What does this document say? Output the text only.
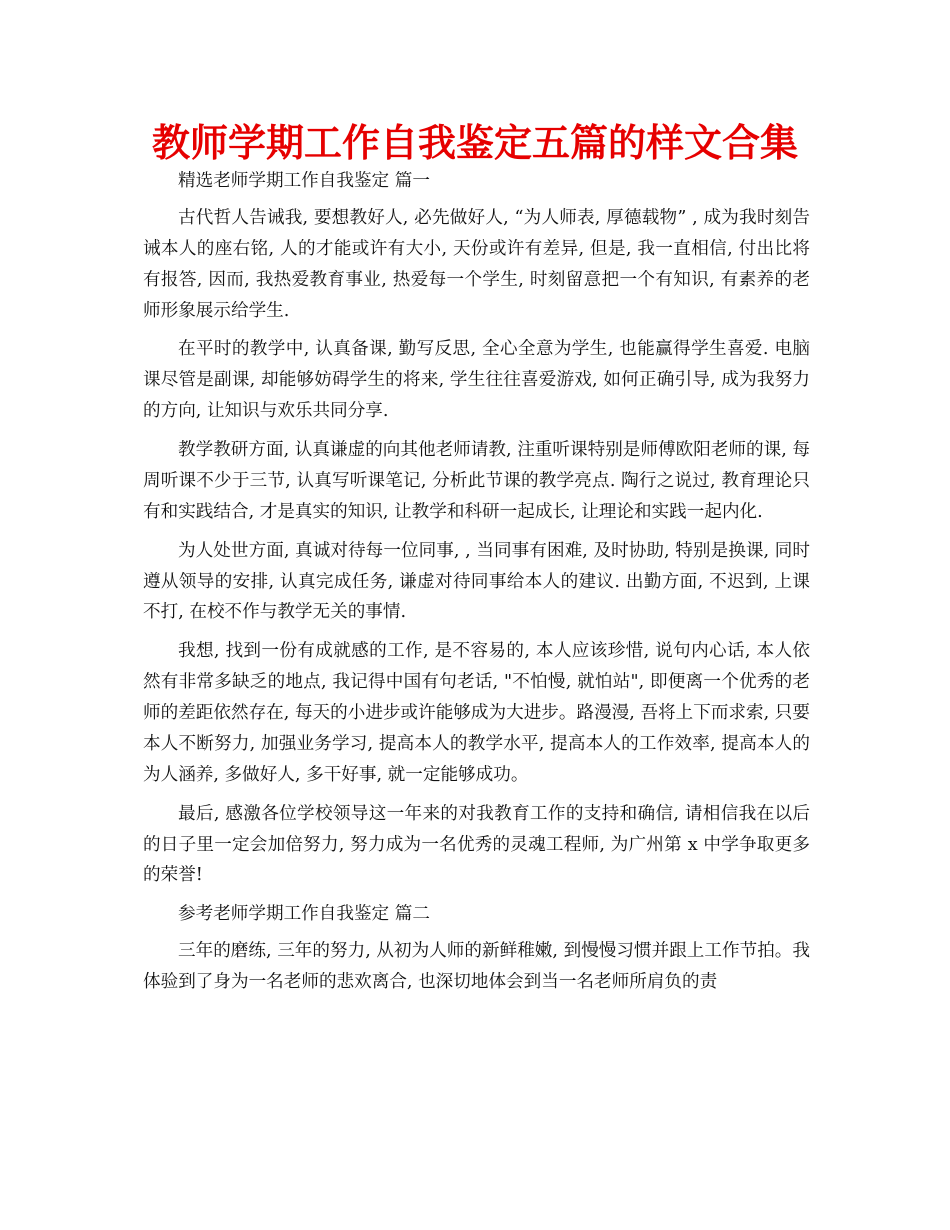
教师学期工作自我鉴定五篇的样文合集

精选老师学期工作自我鉴定 篇一

古代哲人告诫我, 要想教好人, 必先做好人, “为人师表, 厚德载物” , 成为我时刻告诫本人的座右铭, 人的才能或许有大小, 天份或许有差异, 但是, 我一直相信, 付出比将有报答, 因而, 我热爱教育事业, 热爱每一个学生, 时刻留意把一个有知识, 有素养的老师形象展示给学生.

在平时的教学中, 认真备课, 勤写反思, 全心全意为学生, 也能赢得学生喜爱. 电脑课尽管是副课, 却能够妨碍学生的将来, 学生往往喜爱游戏, 如何正确引导, 成为我努力的方向, 让知识与欢乐共同分享.

教学教研方面, 认真谦虚的向其他老师请教, 注重听课特别是师傅欧阳老师的课, 每周听课不少于三节, 认真写听课笔记, 分析此节课的教学亮点. 陶行之说过, 教育理论只有和实践结合, 才是真实的知识, 让教学和科研一起成长, 让理论和实践一起内化.

为人处世方面, 真诚对待每一位同事, , 当同事有困难, 及时协助, 特别是换课, 同时遵从领导的安排, 认真完成任务, 谦虚对待同事给本人的建议. 出勤方面, 不迟到, 上课不打, 在校不作与教学无关的事情.

我想, 找到一份有成就感的工作, 是不容易的, 本人应该珍惜, 说句内心话, 本人依然有非常多缺乏的地点, 我记得中国有句老话, "不怕慢, 就怕站", 即便离一个优秀的老师的差距依然存在, 每天的小进步或许能够成为大进步。路漫漫, 吾将上下而求索, 只要本人不断努力, 加强业务学习, 提高本人的教学水平, 提高本人的工作效率, 提高本人的为人涵养, 多做好人, 多干好事, 就一定能够成功。

最后, 感激各位学校领导这一年来的对我教育工作的支持和确信, 请相信我在以后的日子里一定会加倍努力, 努力成为一名优秀的灵魂工程师, 为广州第 x 中学争取更多的荣誉!

参考老师学期工作自我鉴定 篇二

三年的磨练, 三年的努力, 从初为人师的新鲜稚嫩, 到慢慢习惯并跟上工作节拍。我体验到了身为一名老师的悲欢离合, 也深切地体会到当一名老师所肩负的责
